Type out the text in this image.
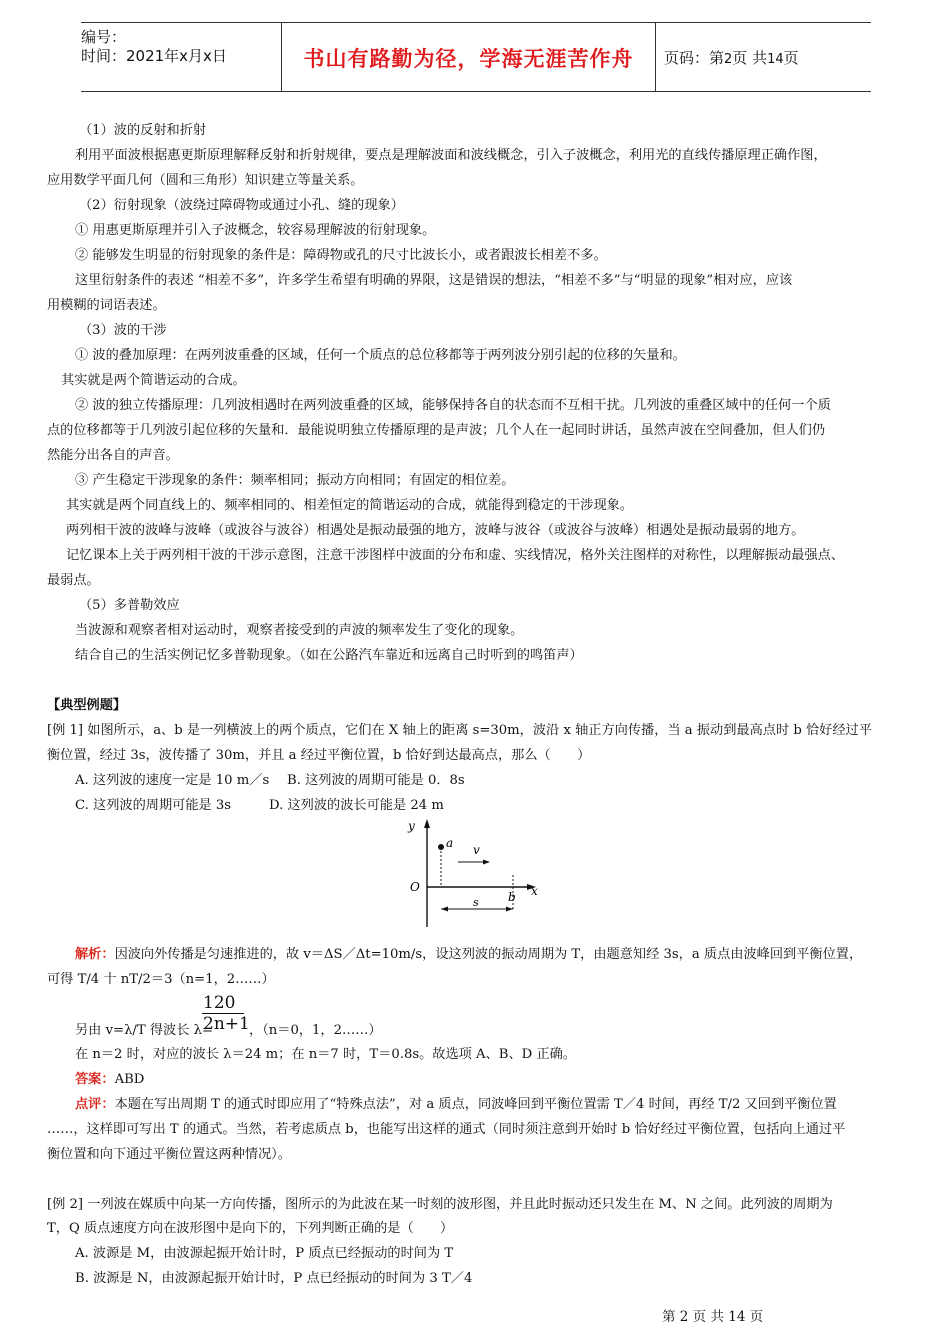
编号：
时间：2021年x月x日	书山有路勤为径，学海无涯苦作舟	页码：第2页 共14页
（1）波的反射和折射
利用平面波根据惠更斯原理解释反射和折射规律，要点是理解波面和波线概念，引入子波概念，利用光的直线传播原理正确作图，
应用数学平面几何（圆和三角形）知识建立等量关系。
（2）衍射现象（波绕过障碍物或通过小孔、缝的现象）
① 用惠更斯原理并引入子波概念，较容易理解波的衍射现象。
② 能够发生明显的衍射现象的条件是：障碍物或孔的尺寸比波长小，或者跟波长相差不多。
这里衍射条件的表述 “相差不多”，许多学生希望有明确的界限，这是错误的想法，“相差不多”与“明显的现象”相对应，应该
用模糊的词语表述。
（3）波的干涉
① 波的叠加原理：在两列波重叠的区域，任何一个质点的总位移都等于两列波分别引起的位移的矢量和。
其实就是两个简谐运动的合成。
② 波的独立传播原理：几列波相遇时在两列波重叠的区域，能够保持各自的状态而不互相干扰。几列波的重叠区域中的任何一个质
点的位移都等于几列波引起位移的矢量和．最能说明独立传播原理的是声波；几个人在一起同时讲话，虽然声波在空间叠加，但人们仍
然能分出各自的声音。
③ 产生稳定干涉现象的条件：频率相同；振动方向相同；有固定的相位差。
其实就是两个同直线上的、频率相同的、相差恒定的简谐运动的合成，就能得到稳定的干涉现象。
两列相干波的波峰与波峰（或波谷与波谷）相遇处是振动最强的地方，波峰与波谷（或波谷与波峰）相遇处是振动最弱的地方。
记忆课本上关于两列相干波的干涉示意图，注意干涉图样中波面的分布和虚、实线情况，格外关注图样的对称性，以理解振动最强点、
最弱点。
（5）多普勒效应
当波源和观察者相对运动时，观察者接受到的声波的频率发生了变化的现象。
结合自己的生活实例记忆多普勒现象。（如在公路汽车靠近和远离自己时听到的鸣笛声）
【典型例题】
[例 1] 如图所示，a、b 是一列横波上的两个质点，它们在 X 轴上的距离 s=30m，波沿 x 轴正方向传播，当 a 振动到最高点时 b 恰好经过平
衡位置，经过 3s，波传播了 30m，并且 a 经过平衡位置，b 恰好到达最高点，那么（　　）
A. 这列波的速度一定是 10 m／s B. 这列波的周期可能是 0．8s
C. 这列波的周期可能是 3s	D. 这列波的波长可能是 24 m
y
a v
O
b x
s
解析：因波向外传播是匀速推进的，故 v＝ΔS／Δt=10m/s，设这列波的振动周期为 T，由题意知经 3s，a 质点由波峰回到平衡位置，
可得 T/4 十 nT/2＝3（n=1，2……）
120
2n+1
另由 v=λ/T 得波长 λ=	，（n＝0，1，2……）
在 n＝2 时，对应的波长 λ＝24 m；在 n＝7 时，T＝0.8s。故选项 A、B、D 正确。
答案：ABD
点评：本题在写出周期 T 的通式时即应用了“特殊点法”，对 a 质点，同波峰回到平衡位置需 T／4 时间，再经 T/2 又回到平衡位置
……，这样即可写出 T 的通式。当然，若考虑质点 b，也能写出这样的通式（同时须注意到开始时 b 恰好经过平衡位置，包括向上通过平
衡位置和向下通过平衡位置这两种情况）。
[例 2] 一列波在媒质中向某一方向传播，图所示的为此波在某一时刻的波形图，并且此时振动还只发生在 M、N 之间。此列波的周期为
T，Q 质点速度方向在波形图中是向下的，下列判断正确的是（　　）
A. 波源是 M，由波源起振开始计时，P 质点已经振动的时间为 T
B. 波源是 N，由波源起振开始计时，P 点已经振动的时间为 3 T／4
第 2 页 共 14 页
